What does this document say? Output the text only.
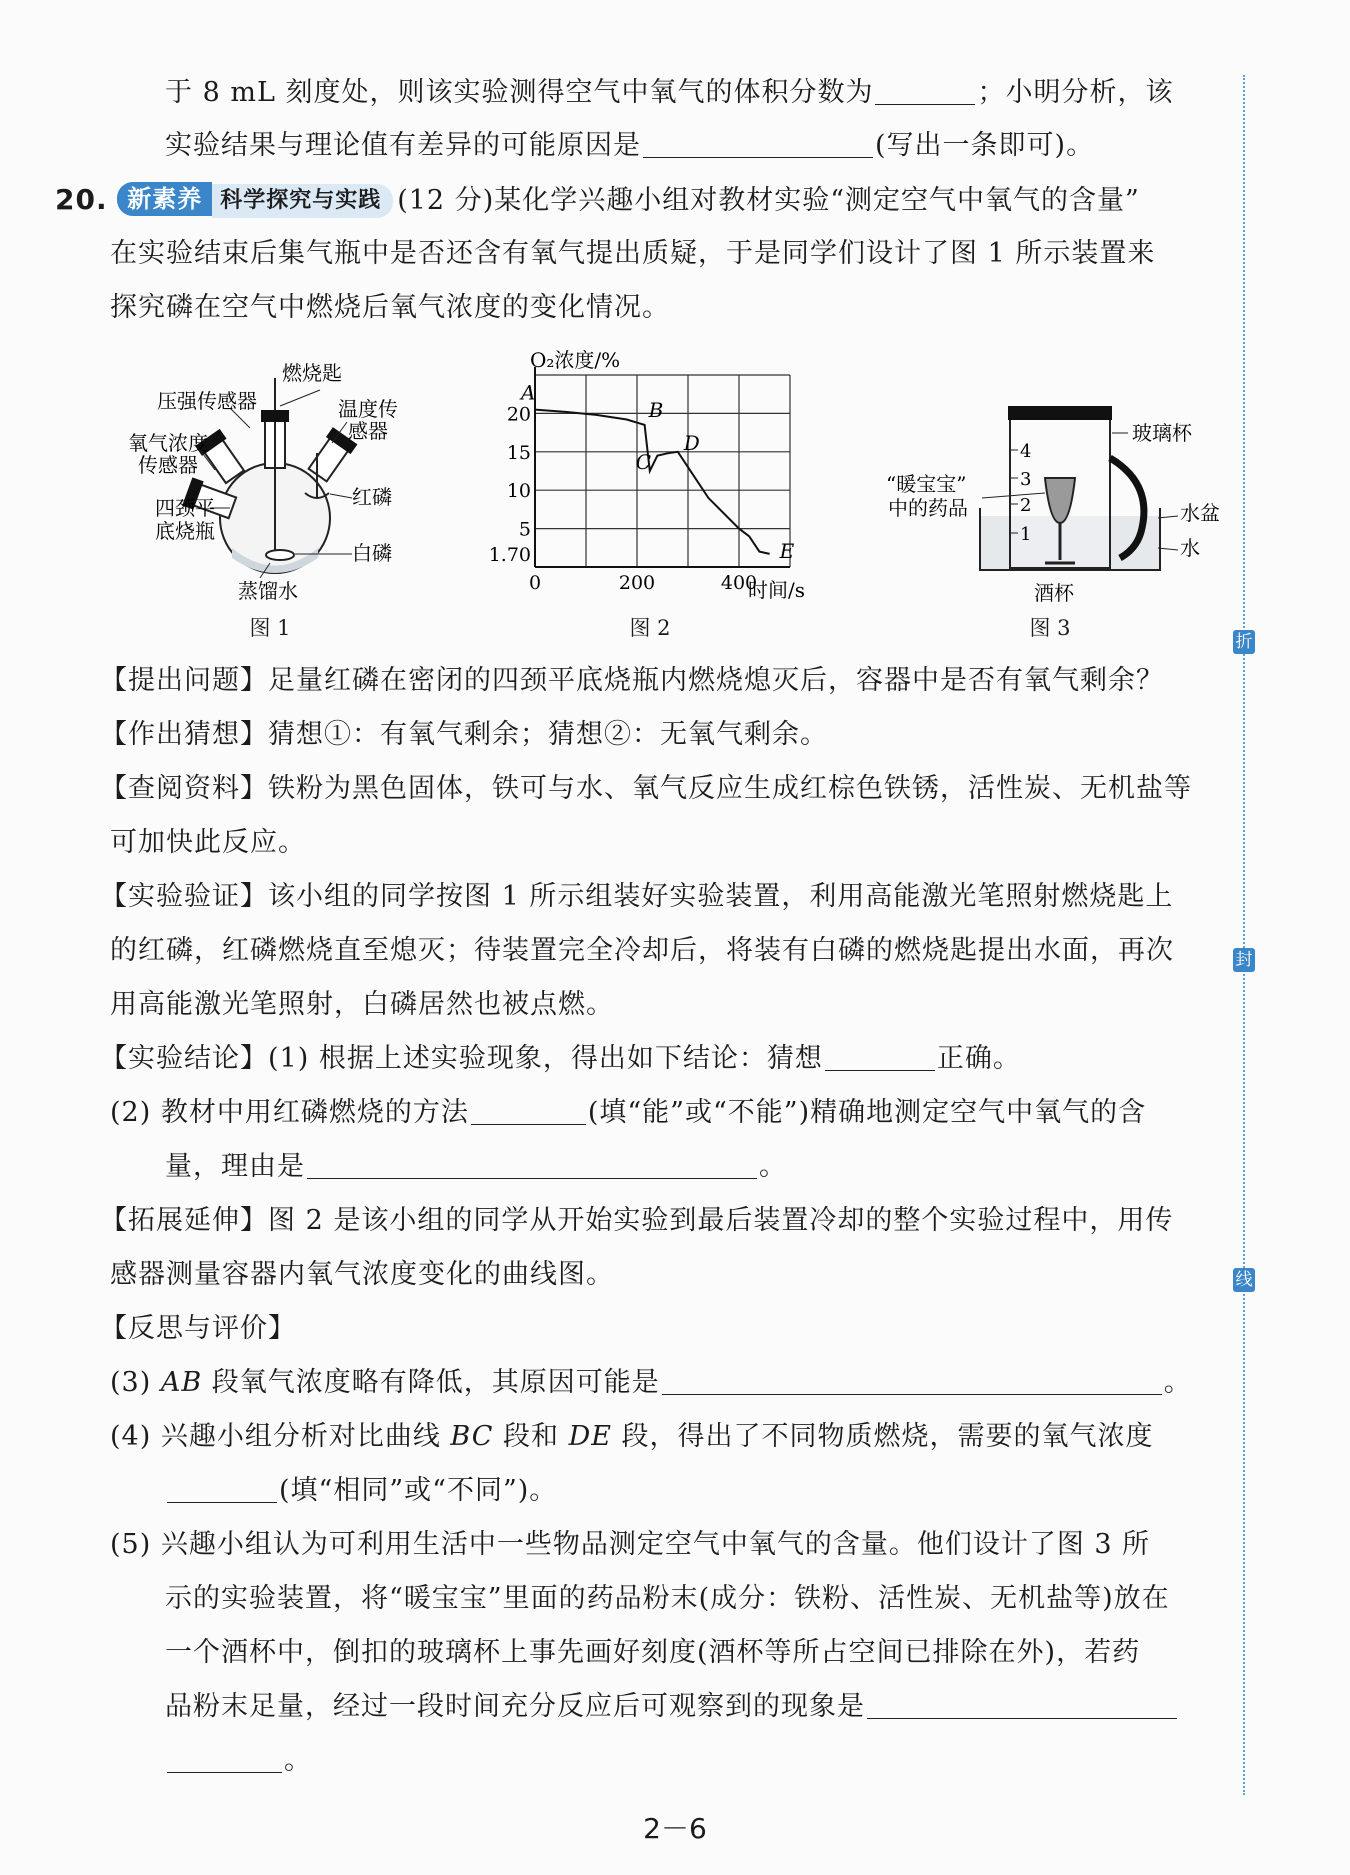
于 8 mL 刻度处，则该实验测得空气中氧气的体积分数为	；小明分析，该
实验结果与理论值有差异的可能原因是	(写出一条即可)。
20. 新素养 科学探究与实践 (12 分)某化学兴趣小组对教材实验“测定空气中氧气的含量”
在实验结束后集气瓶中是否还含有氧气提出质疑，于是同学们设计了图 1 所示装置来
探究磷在空气中燃烧后氧气浓度的变化情况。
燃烧匙
压强传感器	温度传
感器
氧气浓度
传感器
红磷
四颈平
底烧瓶
白磷
蒸馏水
图 1
0	200	400
1.70
5
10
15
20
A
B
C
D
E
O₂浓度/%
时间/s
图 2
4
3
2
1
玻璃杯
“暖宝宝”
中的药品	水盆
水
酒杯
图 3
【提出问题】足量红磷在密闭的四颈平底烧瓶内燃烧熄灭后，容器中是否有氧气剩余？
【作出猜想】猜想①：有氧气剩余；猜想②：无氧气剩余。
【查阅资料】铁粉为黑色固体，铁可与水、氧气反应生成红棕色铁锈，活性炭、无机盐等
可加快此反应。
【实验验证】该小组的同学按图 1 所示组装好实验装置，利用高能激光笔照射燃烧匙上
的红磷，红磷燃烧直至熄灭；待装置完全冷却后，将装有白磷的燃烧匙提出水面，再次
用高能激光笔照射，白磷居然也被点燃。
【实验结论】(1) 根据上述实验现象，得出如下结论：猜想	正确。
(2) 教材中用红磷燃烧的方法	(填“能”或“不能”)精确地测定空气中氧气的含
量，理由是	。
【拓展延伸】图 2 是该小组的同学从开始实验到最后装置冷却的整个实验过程中，用传
感器测量容器内氧气浓度变化的曲线图。
【反思与评价】
(3) AB 段氧气浓度略有降低，其原因可能是	。
(4) 兴趣小组分析对比曲线 BC 段和 DE 段，得出了不同物质燃烧，需要的氧气浓度
(填“相同”或“不同”)。
(5) 兴趣小组认为可利用生活中一些物品测定空气中氧气的含量。他们设计了图 3 所
示的实验装置，将“暖宝宝”里面的药品粉末(成分：铁粉、活性炭、无机盐等)放在
一个酒杯中，倒扣的玻璃杯上事先画好刻度(酒杯等所占空间已排除在外)，若药
品粉末足量，经过一段时间充分反应后可观察到的现象是
。
折
封
线
2－6
